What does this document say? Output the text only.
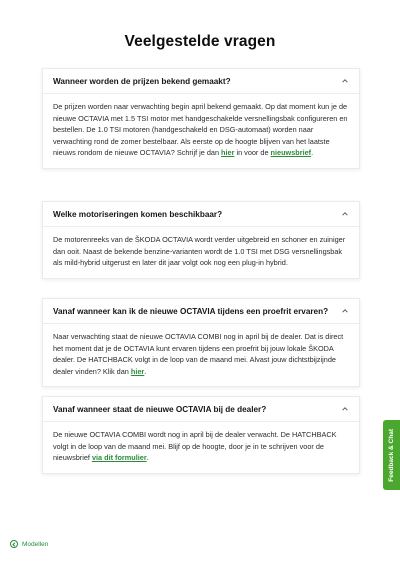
Veelgestelde vragen
Wanneer worden de prijzen bekend gemaakt?
De prijzen worden naar verwachting begin april bekend gemaakt. Op dat moment kun je de nieuwe OCTAVIA met 1.5 TSI motor met handgeschakelde versnellingsbak configureren en bestellen. De 1.0 TSI motoren (handgeschakeld en DSG-automaat) worden naar verwachting rond de zomer bestelbaar. Als eerste op de hoogte blijven van het laatste nieuws rondom de nieuwe OCTAVIA? Schrijf je dan hier in voor de nieuwsbrief.
Welke motoriseringen komen beschikbaar?
De motorenreeks van de ŠKODA OCTAVIA wordt verder uitgebreid en schoner en zuiniger dan ooit. Naast de bekende benzine-varianten wordt de 1.0 TSI met DSG versnellingsbak als mild-hybrid uitgerust en later dit jaar volgt ook nog een plug-in hybrid.
Vanaf wanneer kan ik de nieuwe OCTAVIA tijdens een proefrit ervaren?
Naar verwachting staat de nieuwe OCTAVIA COMBI nog in april bij de dealer. Dat is direct het moment dat je de OCTAVIA kunt ervaren tijdens een proefrit bij jouw lokale ŠKODA dealer. De HATCHBACK volgt in de loop van de maand mei. Alvast jouw dichtstbijzijnde dealer vinden? Klik dan hier.
Vanaf wanneer staat de nieuwe OCTAVIA bij de dealer?
De nieuwe OCTAVIA COMBI wordt nog in april bij de dealer verwacht. De HATCHBACK volgt in de loop van de maand mei. Blijf op de hoogte, door je in te schrijven voor de nieuwsbrief via dit formulier.	Feedback & Chat
Modellen
